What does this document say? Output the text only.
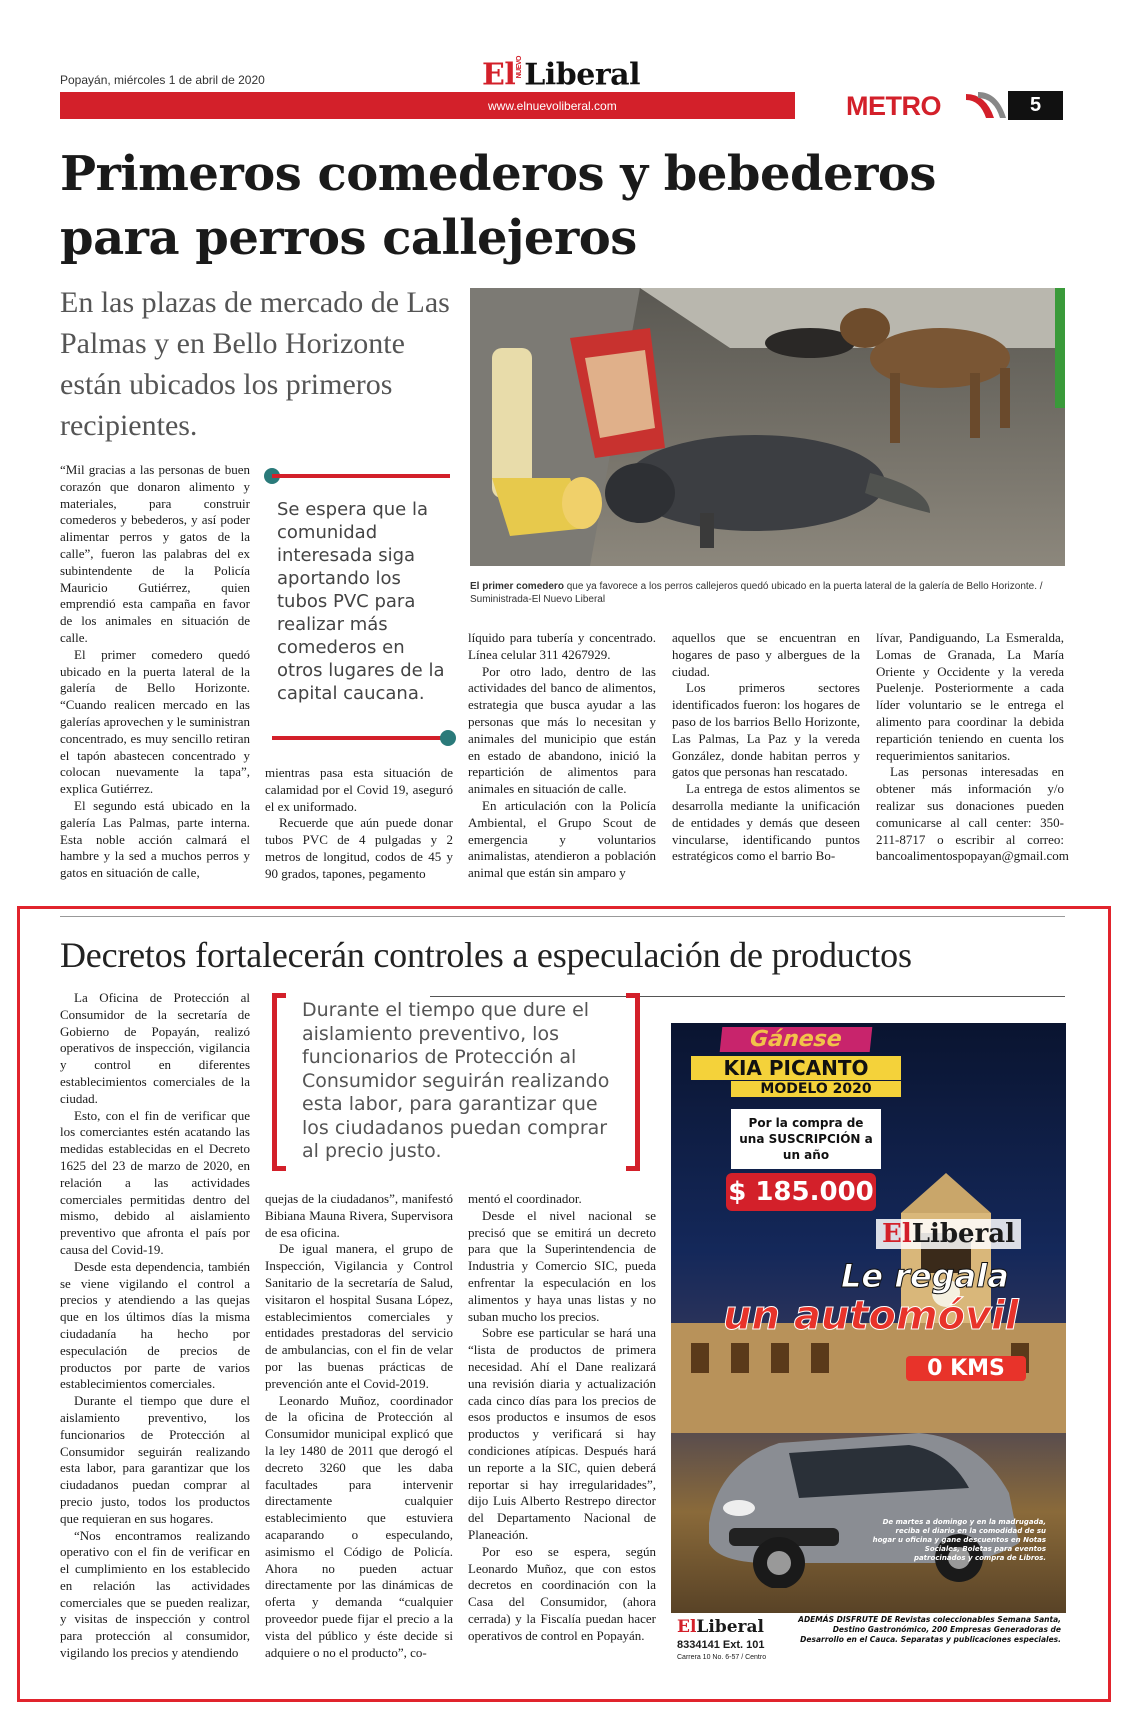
Popayán, miércoles 1 de abril de 2020	ElNUEVOLiberal
www.elnuevoliberal.com	METRO	5
Primeros comederos y bebederos para perros callejeros
En las plazas de mercado de Las Palmas y en Bello Horizonte están ubicados los primeros recipientes.
El primer comedero que ya favorece a los perros callejeros quedó ubicado en la puerta lateral de la galería de Bello Horizonte. / Suministrada-El Nuevo Liberal

“Mil gracias a las personas de buen corazón que donaron alimento y materiales, para construir comederos y bebederos, y así poder alimentar perros y gatos de la calle”, fueron las palabras del ex subintendente de la Policía Mauricio Gutiérrez, quien emprendió esta campaña en favor de los animales en situación de calle.

El primer comedero quedó ubicado en la puerta lateral de la galería de Bello Horizonte. “Cuando realicen mercado en las galerías aprovechen y le suministran concentrado, es muy sencillo retiran el tapón abastecen concentrado y colocan nuevamente la tapa”, explica Gutiérrez.

El segundo está ubicado en la galería Las Palmas, parte interna. Esta noble acción calmará el hambre y la sed a muchos perros y gatos en situación de calle,

Se espera que la comunidad interesada siga aportando los tubos PVC para realizar más comederos en otros lugares de la capital caucana.

mientras pasa esta situación de calamidad por el Covid 19, aseguró el ex uniformado.

Recuerde que aún puede donar tubos PVC de 4 pulgadas y 2 metros de longitud, codos de 45 y 90 grados, tapones, pegamento

líquido para tubería y concentrado. Línea celular 311 4267929.

Por otro lado, dentro de las actividades del banco de alimentos, estrategia que busca ayudar a las personas que más lo necesitan y animales del municipio que están en estado de abandono, inició la repartición de alimentos para animales en situación de calle.

En articulación con la Policía Ambiental, el Grupo Scout de emergencia y voluntarios animalistas, atendieron a población animal que están sin amparo y

aquellos que se encuentran en hogares de paso y albergues de la ciudad.

Los primeros sectores identificados fueron: los hogares de paso de los barrios Bello Horizonte, Las Palmas, La Paz y la vereda González, donde habitan perros y gatos que personas han rescatado.

La entrega de estos alimentos se desarrolla mediante la unificación de entidades y demás que deseen vincularse, identificando puntos estratégicos como el barrio Bo-

lívar, Pandiguando, La Esmeralda, Lomas de Granada, La María Oriente y Occidente y la vereda Puelenje. Posteriormente a cada líder voluntario se le entrega el alimento para coordinar la debida repartición teniendo en cuenta los requerimientos sanitarios.

Las personas interesadas en obtener más información y/o realizar sus donaciones pueden comunicarse al call center: 350-211-8717 o escribir al correo: bancoalimentospopayan@gmail.com

Decretos fortalecerán controles a especulación de productos

La Oficina de Protección al Consumidor de la secretaría de Gobierno de Popayán, realizó operativos de inspección, vigilancia y control en diferentes establecimientos comerciales de la ciudad.

Esto, con el fin de verificar que los comerciantes estén acatando las medidas establecidas en el Decreto 1625 del 23 de marzo de 2020, en relación a las actividades comerciales permitidas dentro del mismo, debido al aislamiento preventivo que afronta el país por causa del Covid-19.

Desde esta dependencia, también se viene vigilando el control a precios y atendiendo a las quejas que en los últimos días la misma ciudadanía ha hecho por especulación de precios de productos por parte de varios establecimientos comerciales.

Durante el tiempo que dure el aislamiento preventivo, los funcionarios de Protección al Consumidor seguirán realizando esta labor, para garantizar que los ciudadanos puedan comprar al precio justo, todos los productos que requieran en sus hogares.

“Nos encontramos realizando operativo con el fin de verificar en el cumplimiento en los establecido en relación las actividades comerciales que se pueden realizar, y visitas de inspección y control para protección al consumidor, vigilando los precios y atendiendo

Durante el tiempo que dure el aislamiento preventivo, los funcionarios de Protección al Consumidor seguirán realizando esta labor, para garantizar que los ciudadanos puedan comprar al precio justo.

quejas de la ciudadanos”, manifestó Bibiana Mauna Rivera, Supervisora de esa oficina.

De igual manera, el grupo de Inspección, Vigilancia y Control Sanitario de la secretaría de Salud, visitaron el hospital Susana López, establecimientos comerciales y entidades prestadoras del servicio de ambulancias, con el fin de velar por las buenas prácticas de prevención ante el Covid-2019.

Leonardo Muñoz, coordinador de la oficina de Protección al Consumidor municipal explicó que la ley 1480 de 2011 que derogó el decreto 3260 que les daba facultades para intervenir directamente cualquier establecimiento que estuviera acaparando o especulando, asimismo el Código de Policía. Ahora no pueden actuar directamente por las dinámicas de oferta y demanda “cualquier proveedor puede fijar el precio a la vista del público y éste decide si adquiere o no el producto”, co-

mentó el coordinador.

Desde el nivel nacional se precisó que se emitirá un decreto para que la Superintendencia de Industria y Comercio SIC, pueda enfrentar la especulación en los alimentos y haya unas listas y no suban mucho los precios.

Sobre ese particular se hará una “lista de productos de primera necesidad. Ahí el Dane realizará una revisión diaria y actualización cada cinco días para los precios de esos productos e insumos de esos productos y verificará si hay condiciones atípicas. Después hará un reporte a la SIC, quien deberá reportar si hay irregularidades”, dijo Luis Alberto Restrepo director del Departamento Nacional de Planeación.

Por eso se espera, según Leonardo Muñoz, que con estos decretos en coordinación con la Casa del Consumidor, (ahora cerrada) y la Fiscalía puedan hacer operativos de control en Popayán.

Gánese
KIA PICANTO
MODELO 2020
Por la compra de una SUSCRIPCIÓN a un año
$ 185.000
ElLiberal
Le regala
un automóvil
0 KMS
De martes a domingo y en la madrugada, reciba el diario en la comodidad de su hogar u oficina y gane descuentos en Notas Sociales, Boletas para eventos patrocinados y compra de Libros.
ElLiberal
8334141 Ext. 101
Carrera 10 No. 6-57 / Centro
ADEMÁS DISFRUTE DE Revistas coleccionables Semana Santa, Destino Gastronómico, 200 Empresas Generadoras de Desarrollo en el Cauca. Separatas y publicaciones especiales.
